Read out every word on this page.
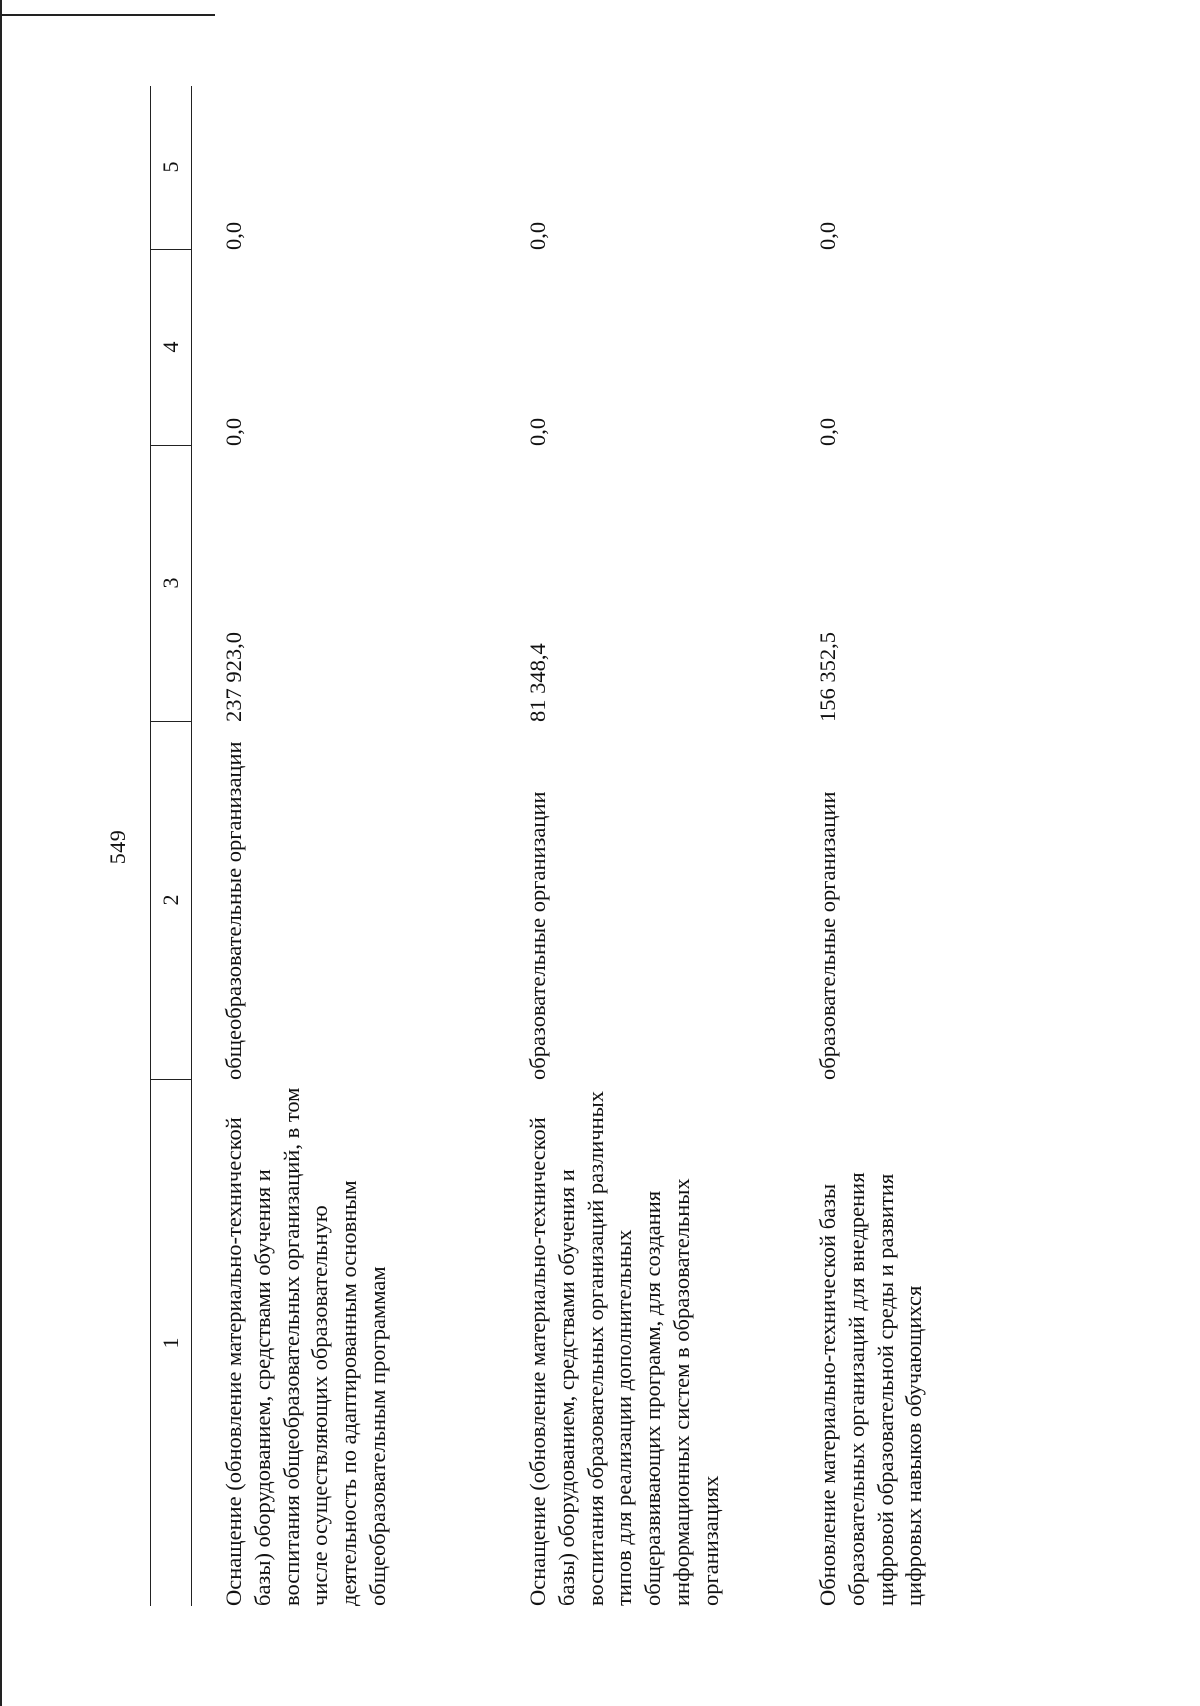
549
1
2
3
4
5
Оснащение (обновление материально-технической базы) оборудованием, средствами обучения и воспитания общеобразовательных организаций, в том числе осуществляющих образовательную деятельность по адаптированным основным общеобразовательным программам
общеобразовательные организации
237 923,0
0,0
0,0
Оснащение (обновление материально-технической базы) оборудованием, средствами обучения и воспитания образовательных организаций различных типов для реализации дополнительных общеразвивающих программ, для создания информационных систем в образовательных организациях
образовательные организации
81 348,4
0,0
0,0
Обновление материально-технической базы образовательных организаций для внедрения цифровой образовательной среды и развития цифровых навыков обучающихся
образовательные организации
156 352,5
0,0
0,0
